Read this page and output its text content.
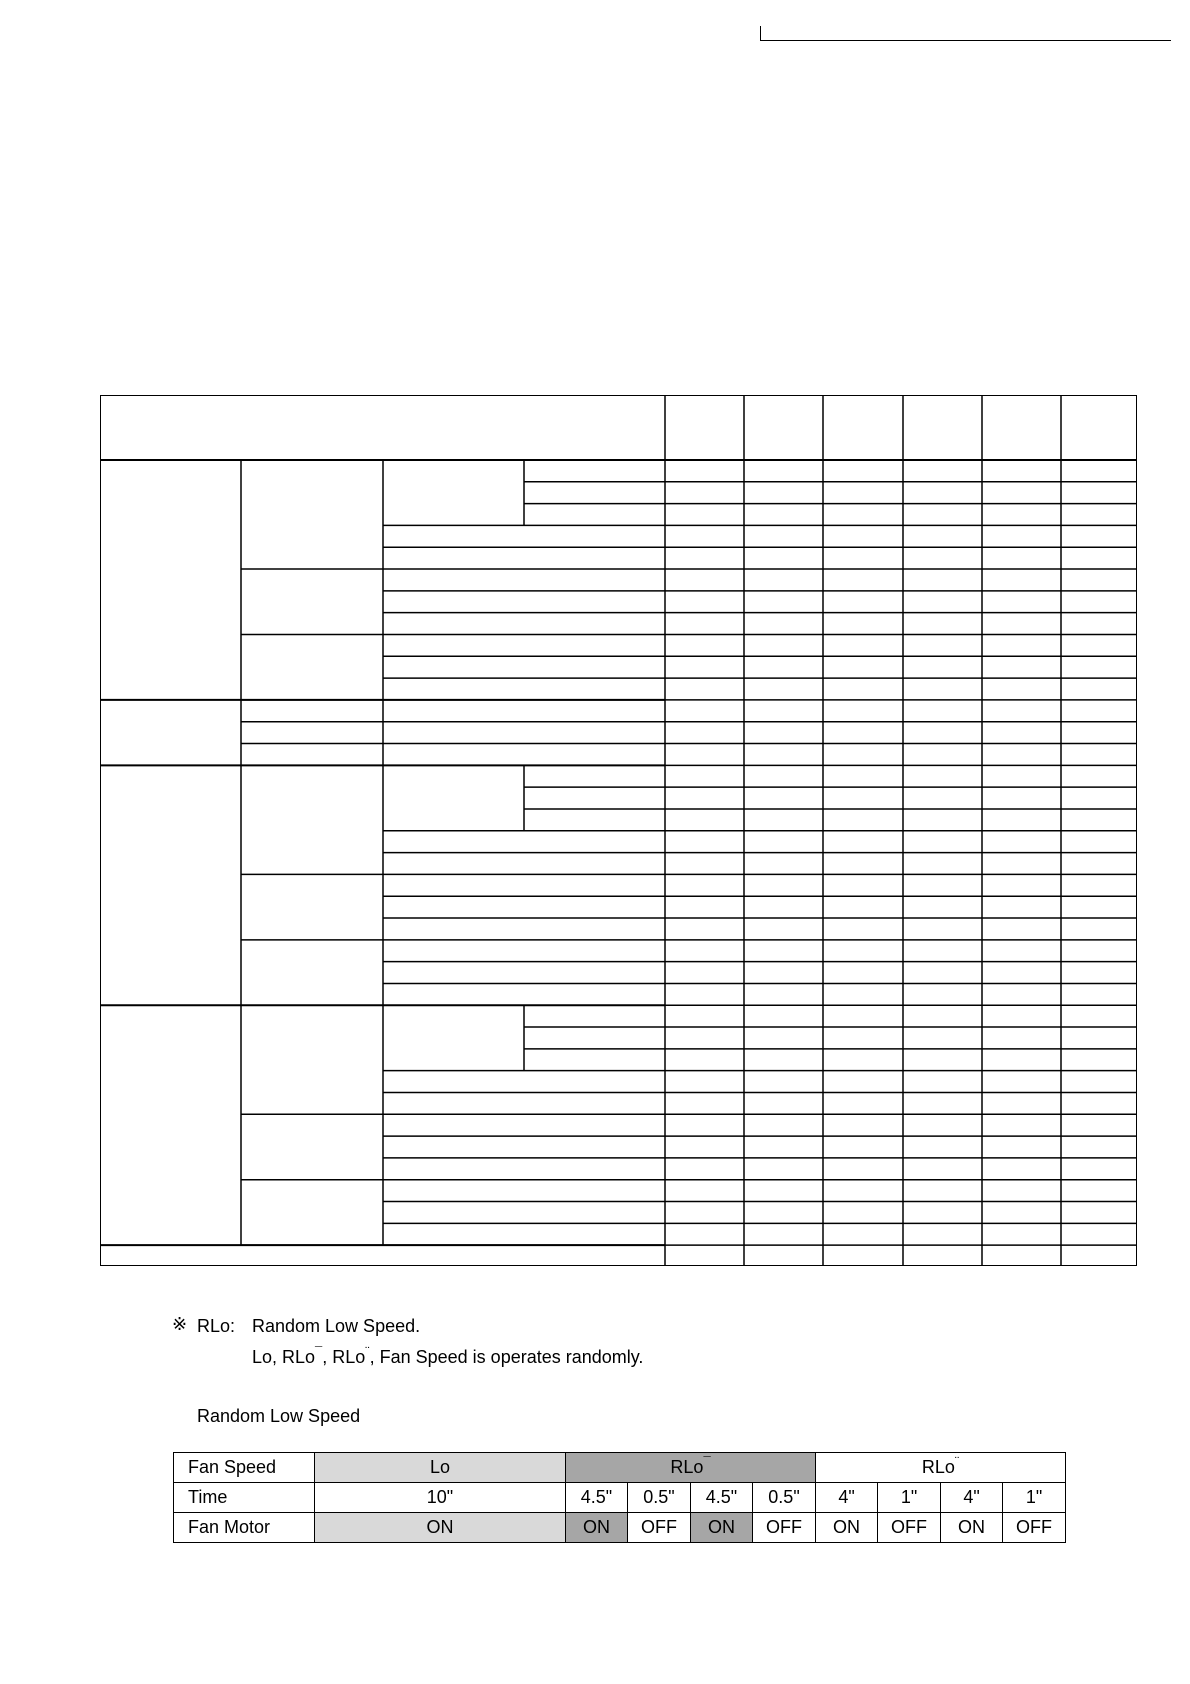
※ RLo: Random Low Speed.
Lo, RLo¯, RLo¨, Fan Speed is operates randomly.
Random Low Speed
Fan Speed	Lo	RLo¯				RLo¨
Time	10"	4.5"	0.5"	4.5"	0.5"	4"	1"	4"	1"
Fan Motor	ON	ON	OFF	ON	OFF	ON	OFF	ON	OFF
